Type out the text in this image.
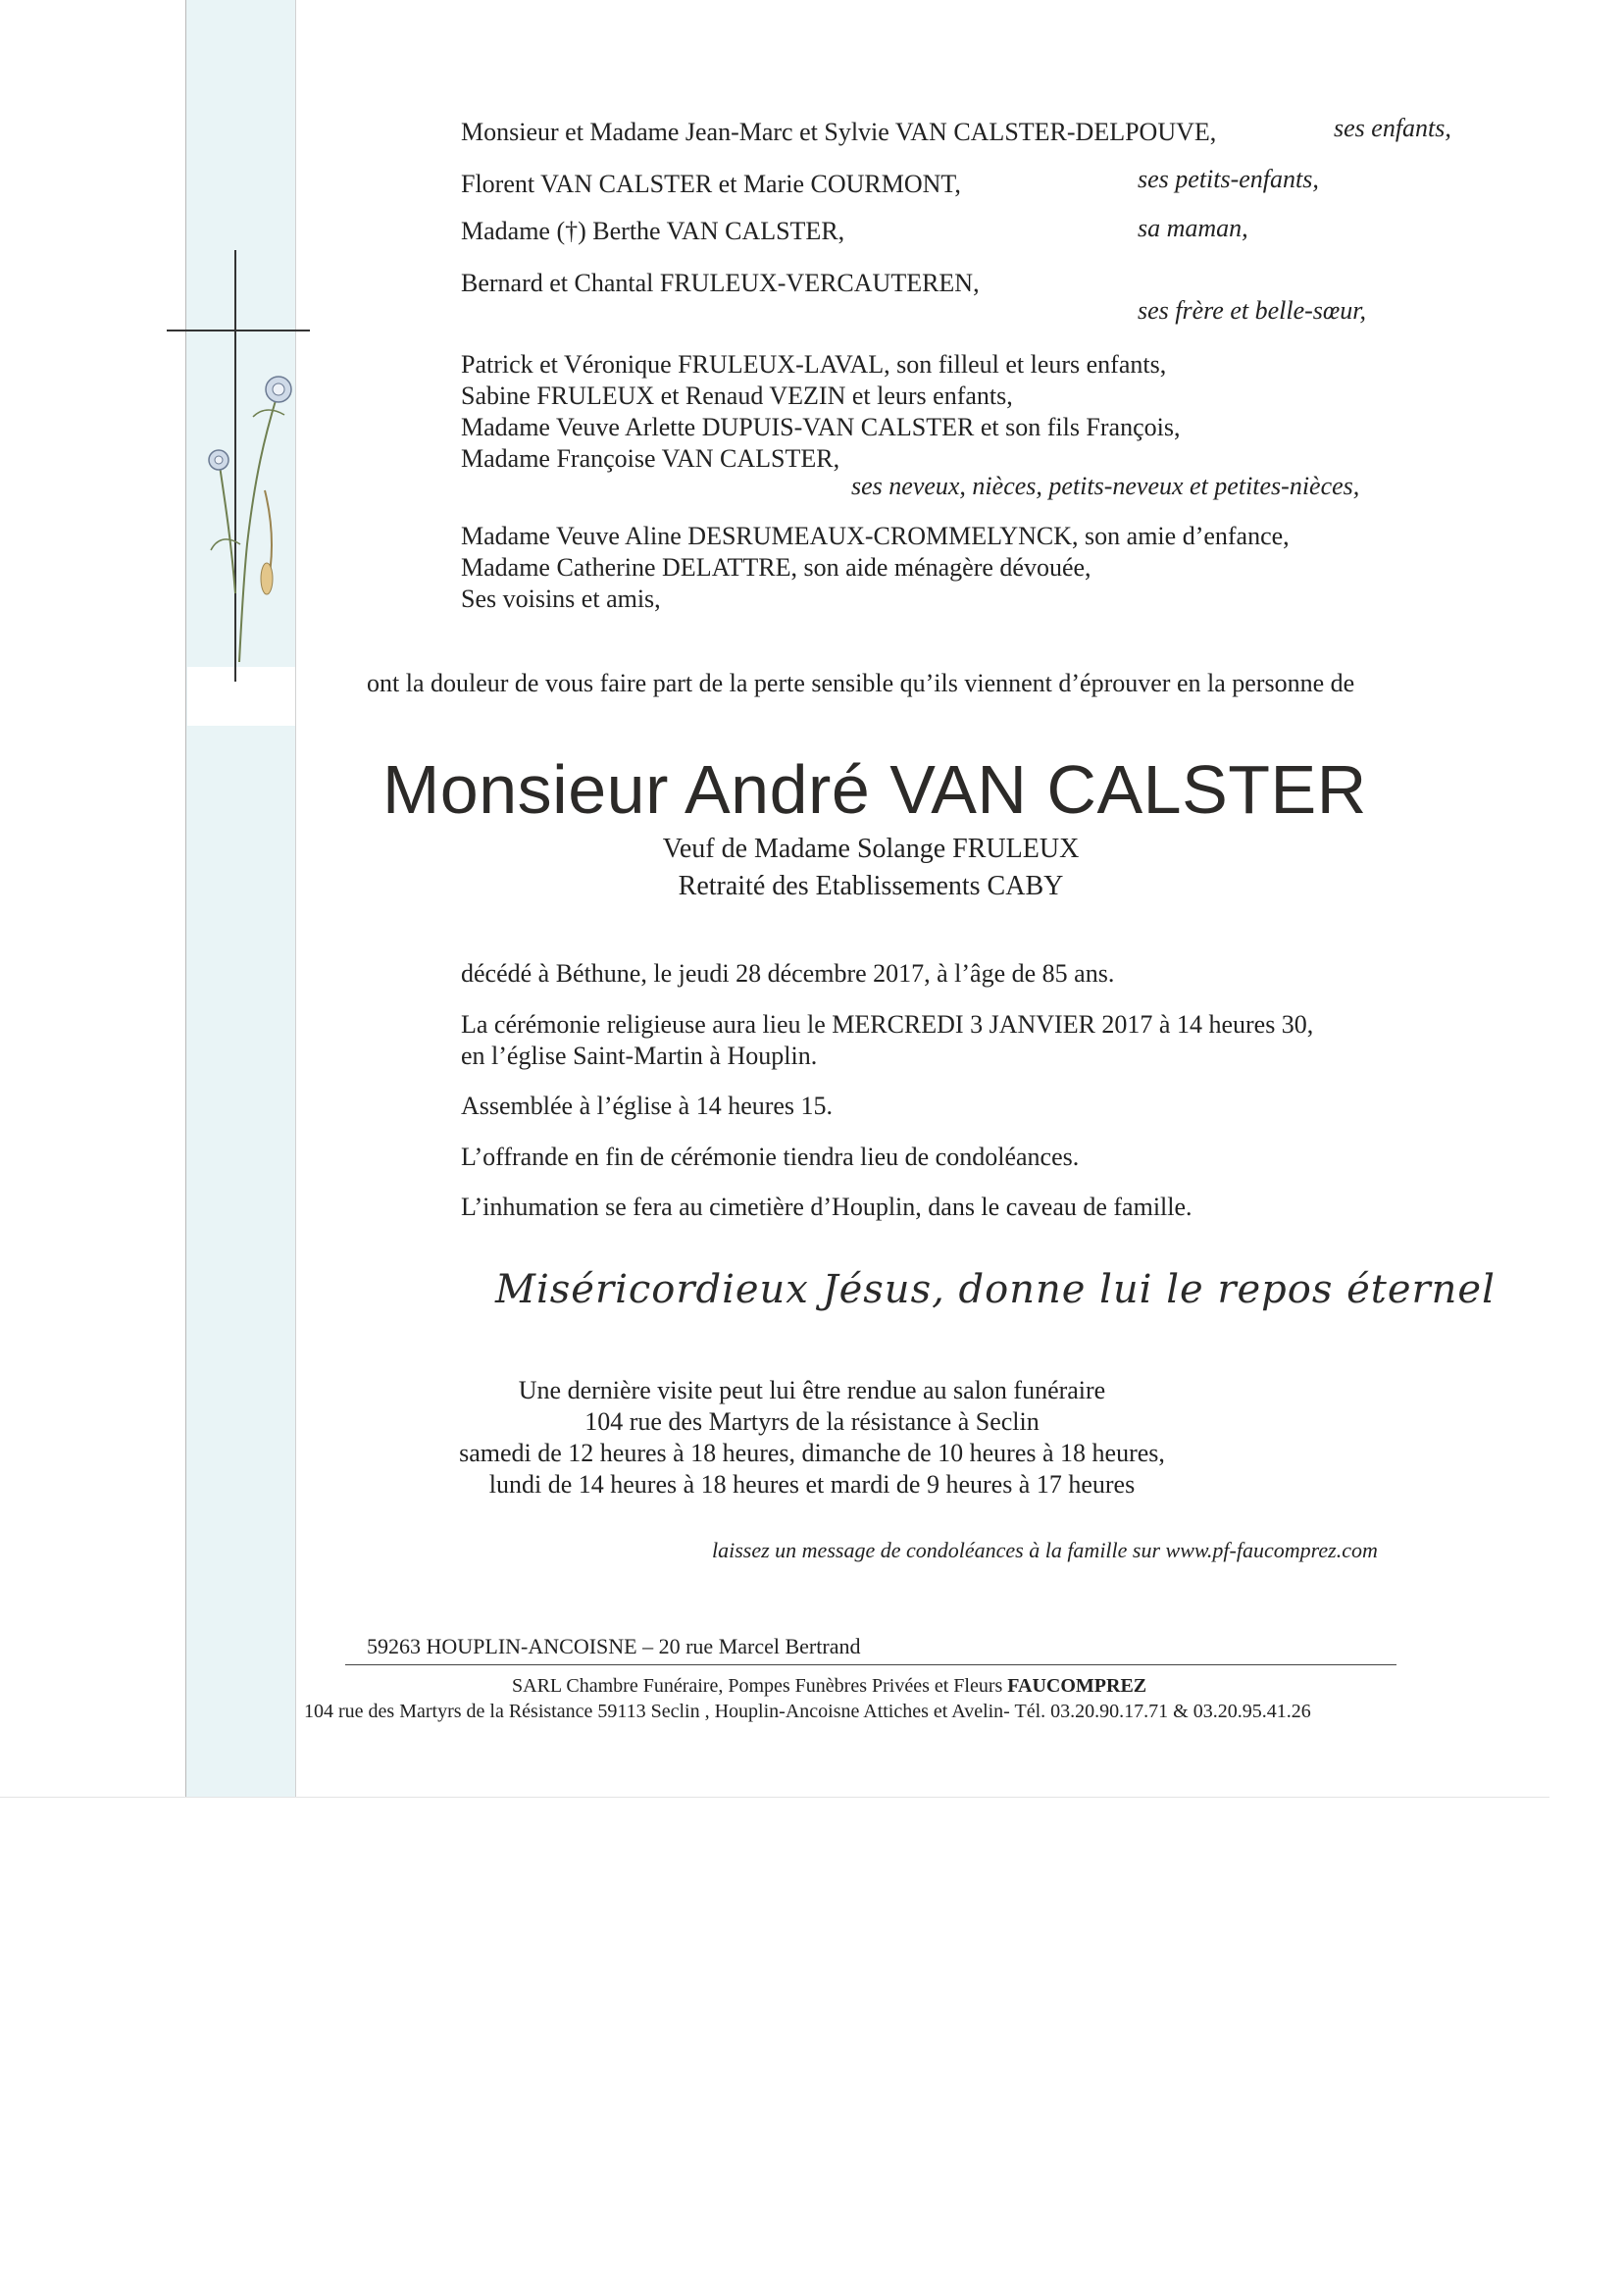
Monsieur et Madame Jean-Marc et Sylvie VAN CALSTER-DELPOUVE,	ses enfants,
Florent VAN CALSTER et Marie COURMONT,	ses petits-enfants,
Madame (†) Berthe VAN CALSTER,	sa maman,
Bernard et Chantal FRULEUX-VERCAUTEREN,
ses frère et belle-sœur,
Patrick et Véronique FRULEUX-LAVAL, son filleul et leurs enfants,
Sabine FRULEUX et Renaud VEZIN et leurs enfants,
Madame Veuve Arlette DUPUIS-VAN CALSTER et son fils François,
Madame Françoise VAN CALSTER,
ses neveux, nièces, petits-neveux et petites-nièces,
Madame Veuve Aline DESRUMEAUX-CROMMELYNCK, son amie d’enfance,
Madame Catherine DELATTRE, son aide ménagère dévouée,
Ses voisins et amis,
ont la douleur de vous faire part de la perte sensible qu’ils viennent d’éprouver en la personne de
Monsieur André VAN CALSTER
Veuf de Madame Solange FRULEUX
Retraité des Etablissements CABY
décédé à Béthune, le jeudi 28 décembre 2017, à l’âge de 85 ans.
La cérémonie religieuse aura lieu le MERCREDI 3 JANVIER 2017 à 14 heures 30,
en l’église Saint-Martin à Houplin.
Assemblée à l’église à 14 heures 15.
L’offrande en fin de cérémonie tiendra lieu de condoléances.
L’inhumation se fera au cimetière d’Houplin, dans le caveau de famille.
Miséricordieux Jésus, donne lui le repos éternel
Une dernière visite peut lui être rendue au salon funéraire
104 rue des Martyrs de la résistance à Seclin
samedi de 12 heures à 18 heures, dimanche de 10 heures à 18 heures,
lundi de 14 heures à 18 heures et mardi de 9 heures à 17 heures
laissez un message de condoléances à la famille sur www.pf-faucomprez.com
59263 HOUPLIN-ANCOISNE – 20 rue Marcel Bertrand
SARL Chambre Funéraire, Pompes Funèbres Privées et Fleurs FAUCOMPREZ
104 rue des Martyrs de la Résistance 59113 Seclin , Houplin-Ancoisne Attiches et Avelin- Tél. 03.20.90.17.71 & 03.20.95.41.26
